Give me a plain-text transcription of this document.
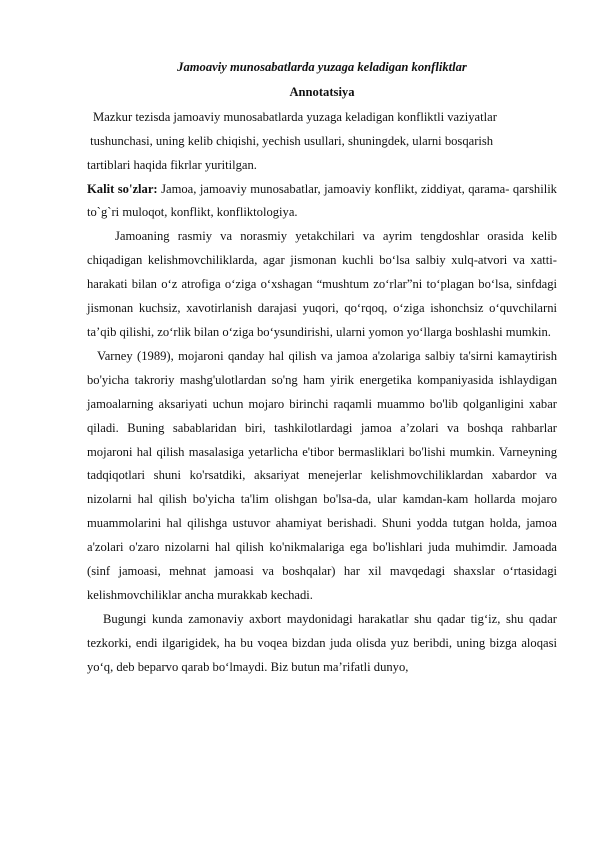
Jamoaviy munosabatlarda yuzaga keladigan konfliktlar
Annotatsiya
Mazkur tezisda jamoaviy munosabatlarda yuzaga keladigan konfliktli vaziyatlar
tushunchasi, uning kelib chiqishi, yechish usullari, shuningdek, ularni bosqarish
tartiblari haqida fikrlar yuritilgan.

Kalit so'zlar: Jamoa, jamoaviy munosabatlar, jamoaviy konflikt, ziddiyat, qarama- qarshilik to`g`ri muloqot, konflikt, konfliktologiya.

Jamoaning rasmiy va norasmiy yetakchilari va ayrim tengdoshlar orasida kelib chiqadigan kelishmovchiliklarda, agar jismonan kuchli bo‘lsa salbiy xulq-atvori va xatti-harakati bilan o‘z atrofiga o‘ziga o‘xshagan “mushtum zo‘rlar”ni to‘plagan bo‘lsa, sinfdagi jismonan kuchsiz, xavotirlanish darajasi yuqori, qo‘rqoq, o‘ziga ishonchsiz o‘quvchilarni ta’qib qilishi, zo‘rlik bilan o‘ziga bo‘ysundirishi, ularni yomon yo‘llarga boshlashi mumkin.

Varney (1989), mojaroni qanday hal qilish va jamoa a'zolariga salbiy ta'sirni kamaytirish bo'yicha takroriy mashg'ulotlardan so'ng ham yirik energetika kompaniyasida ishlaydigan jamoalarning aksariyati uchun mojaro birinchi raqamli muammo bo'lib qolganligini xabar qiladi. Buning sabablaridan biri, tashkilotlardagi jamoa a’zolari va boshqa rahbarlar mojaroni hal qilish masalasiga yetarlicha e'tibor bermasliklari bo'lishi mumkin. Varneyning tadqiqotlari shuni ko'rsatdiki, aksariyat menejerlar kelishmovchiliklardan xabardor va nizolarni hal qilish bo'yicha ta'lim olishgan bo'lsa-da, ular kamdan-kam hollarda mojaro muammolarini hal qilishga ustuvor ahamiyat berishadi. Shuni yodda tutgan holda, jamoa a'zolari o'zaro nizolarni hal qilish ko'nikmalariga ega bo'lishlari juda muhimdir. Jamoada (sinf jamoasi, mehnat jamoasi va boshqalar) har xil mavqedagi shaxslar o‘rtasidagi kelishmovchiliklar ancha murakkab kechadi.

Bugungi kunda zamonaviy axbort maydonidagi harakatlar shu qadar tig‘iz, shu qadar tezkorki, endi ilgarigidek, ha bu voqea bizdan juda olisda yuz beribdi, uning bizga aloqasi yo‘q, deb beparvo qarab bo‘lmaydi. Biz butun ma’rifatli dunyo,
